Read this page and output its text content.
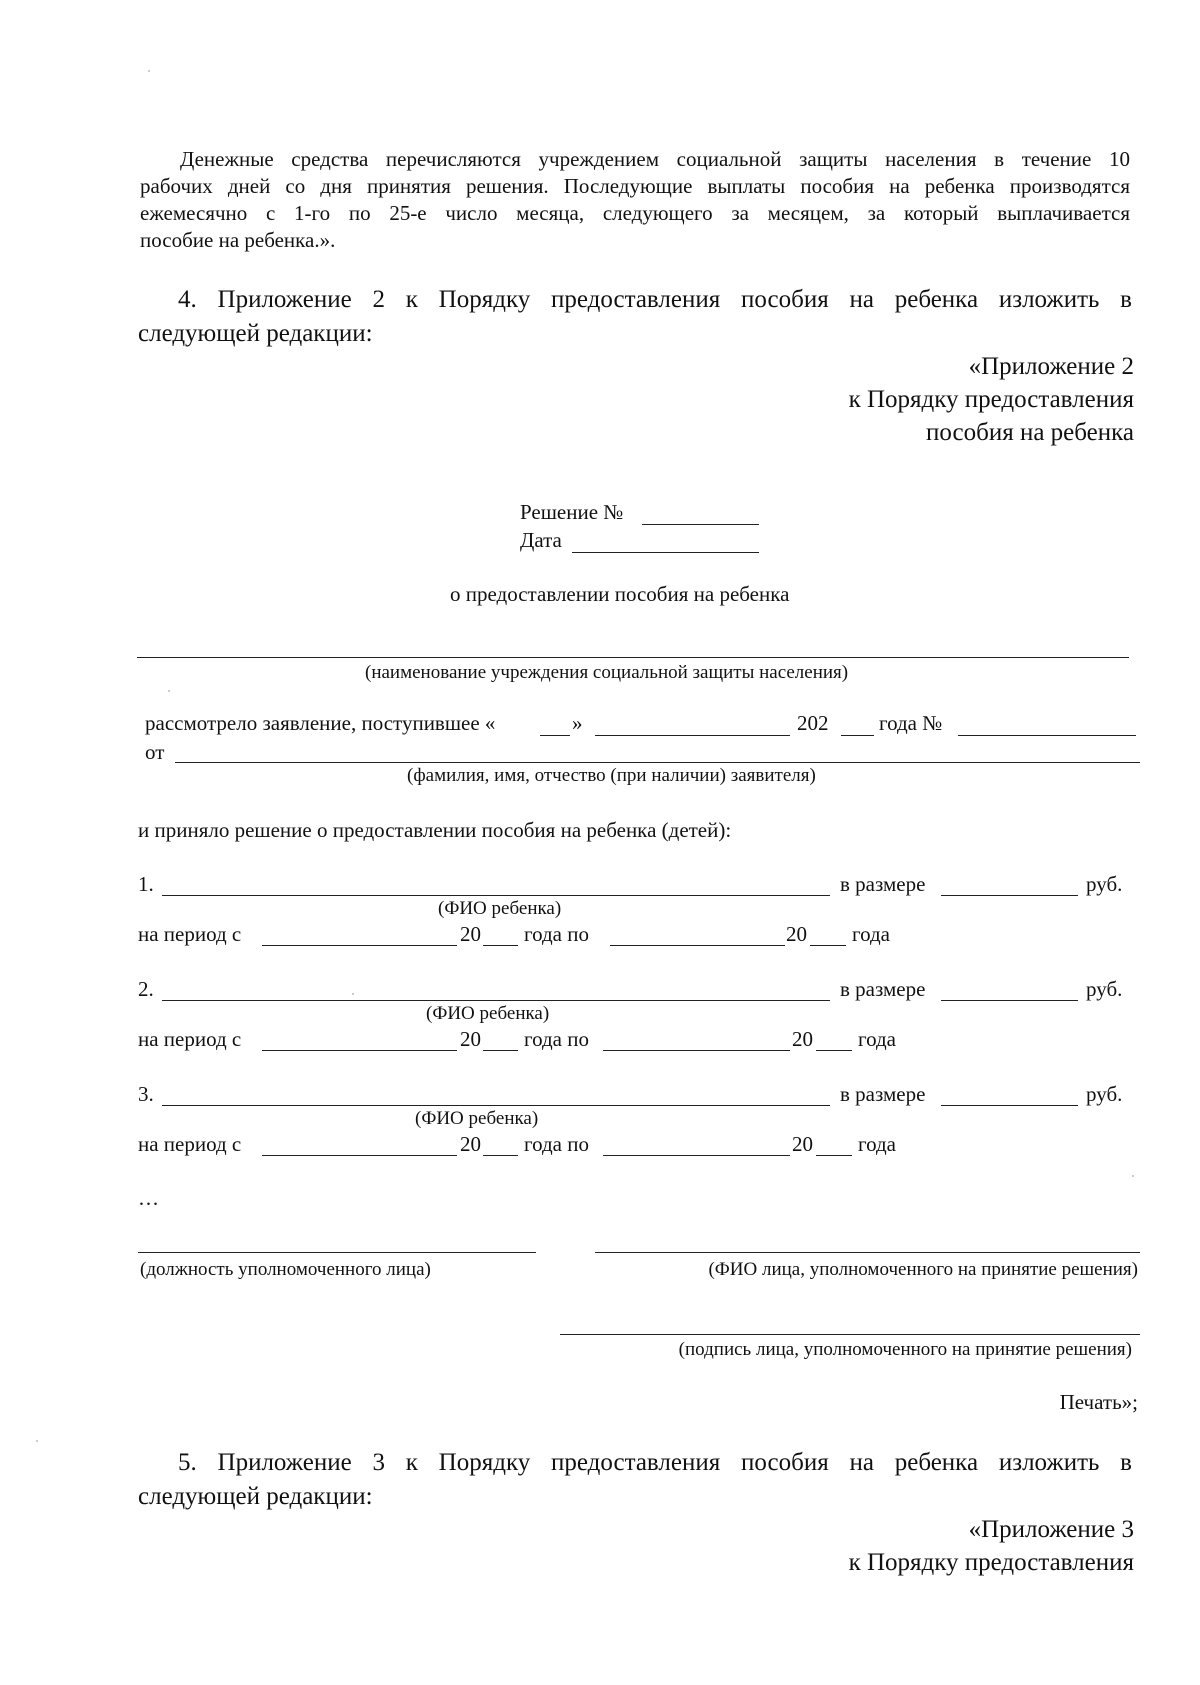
Денежные средства перечисляются учреждением социальной защиты населения в течение 10

рабочих дней со дня принятия решения. Последующие выплаты пособия на ребенка производятся
ежемесячно с 1-го по 25-е число месяца, следующего за месяцем, за который выплачивается
пособие на ребенка.».
4. Приложение 2 к Порядку предоставления пособия на ребенка изложить в
следующей редакции:
«Приложение 2
к Порядку предоставления
пособия на ребенка
Решение №
Дата
о предоставлении пособия на ребенка
(наименование учреждения социальной защиты населения)
рассмотрело заявление, поступившее «	»	202 года №
от
(фамилия, имя, отчество (при наличии) заявителя)
и приняло решение о предоставлении пособия на ребенка (детей):
1.	в размере	руб.
(ФИО ребенка)
на период с	20 года по	20 года
2.	в размере	руб.
(ФИО ребенка)
на период с	20 года по	20 года
3.	в размере	руб.
(ФИО ребенка)
на период с	20 года по	20 года
…
(должность уполномоченного лица)	(ФИО лица, уполномоченного на принятие решения)
(подпись лица, уполномоченного на принятие решения)
Печать»;
5. Приложение 3 к Порядку предоставления пособия на ребенка изложить в
следующей редакции:
«Приложение 3
к Порядку предоставления
